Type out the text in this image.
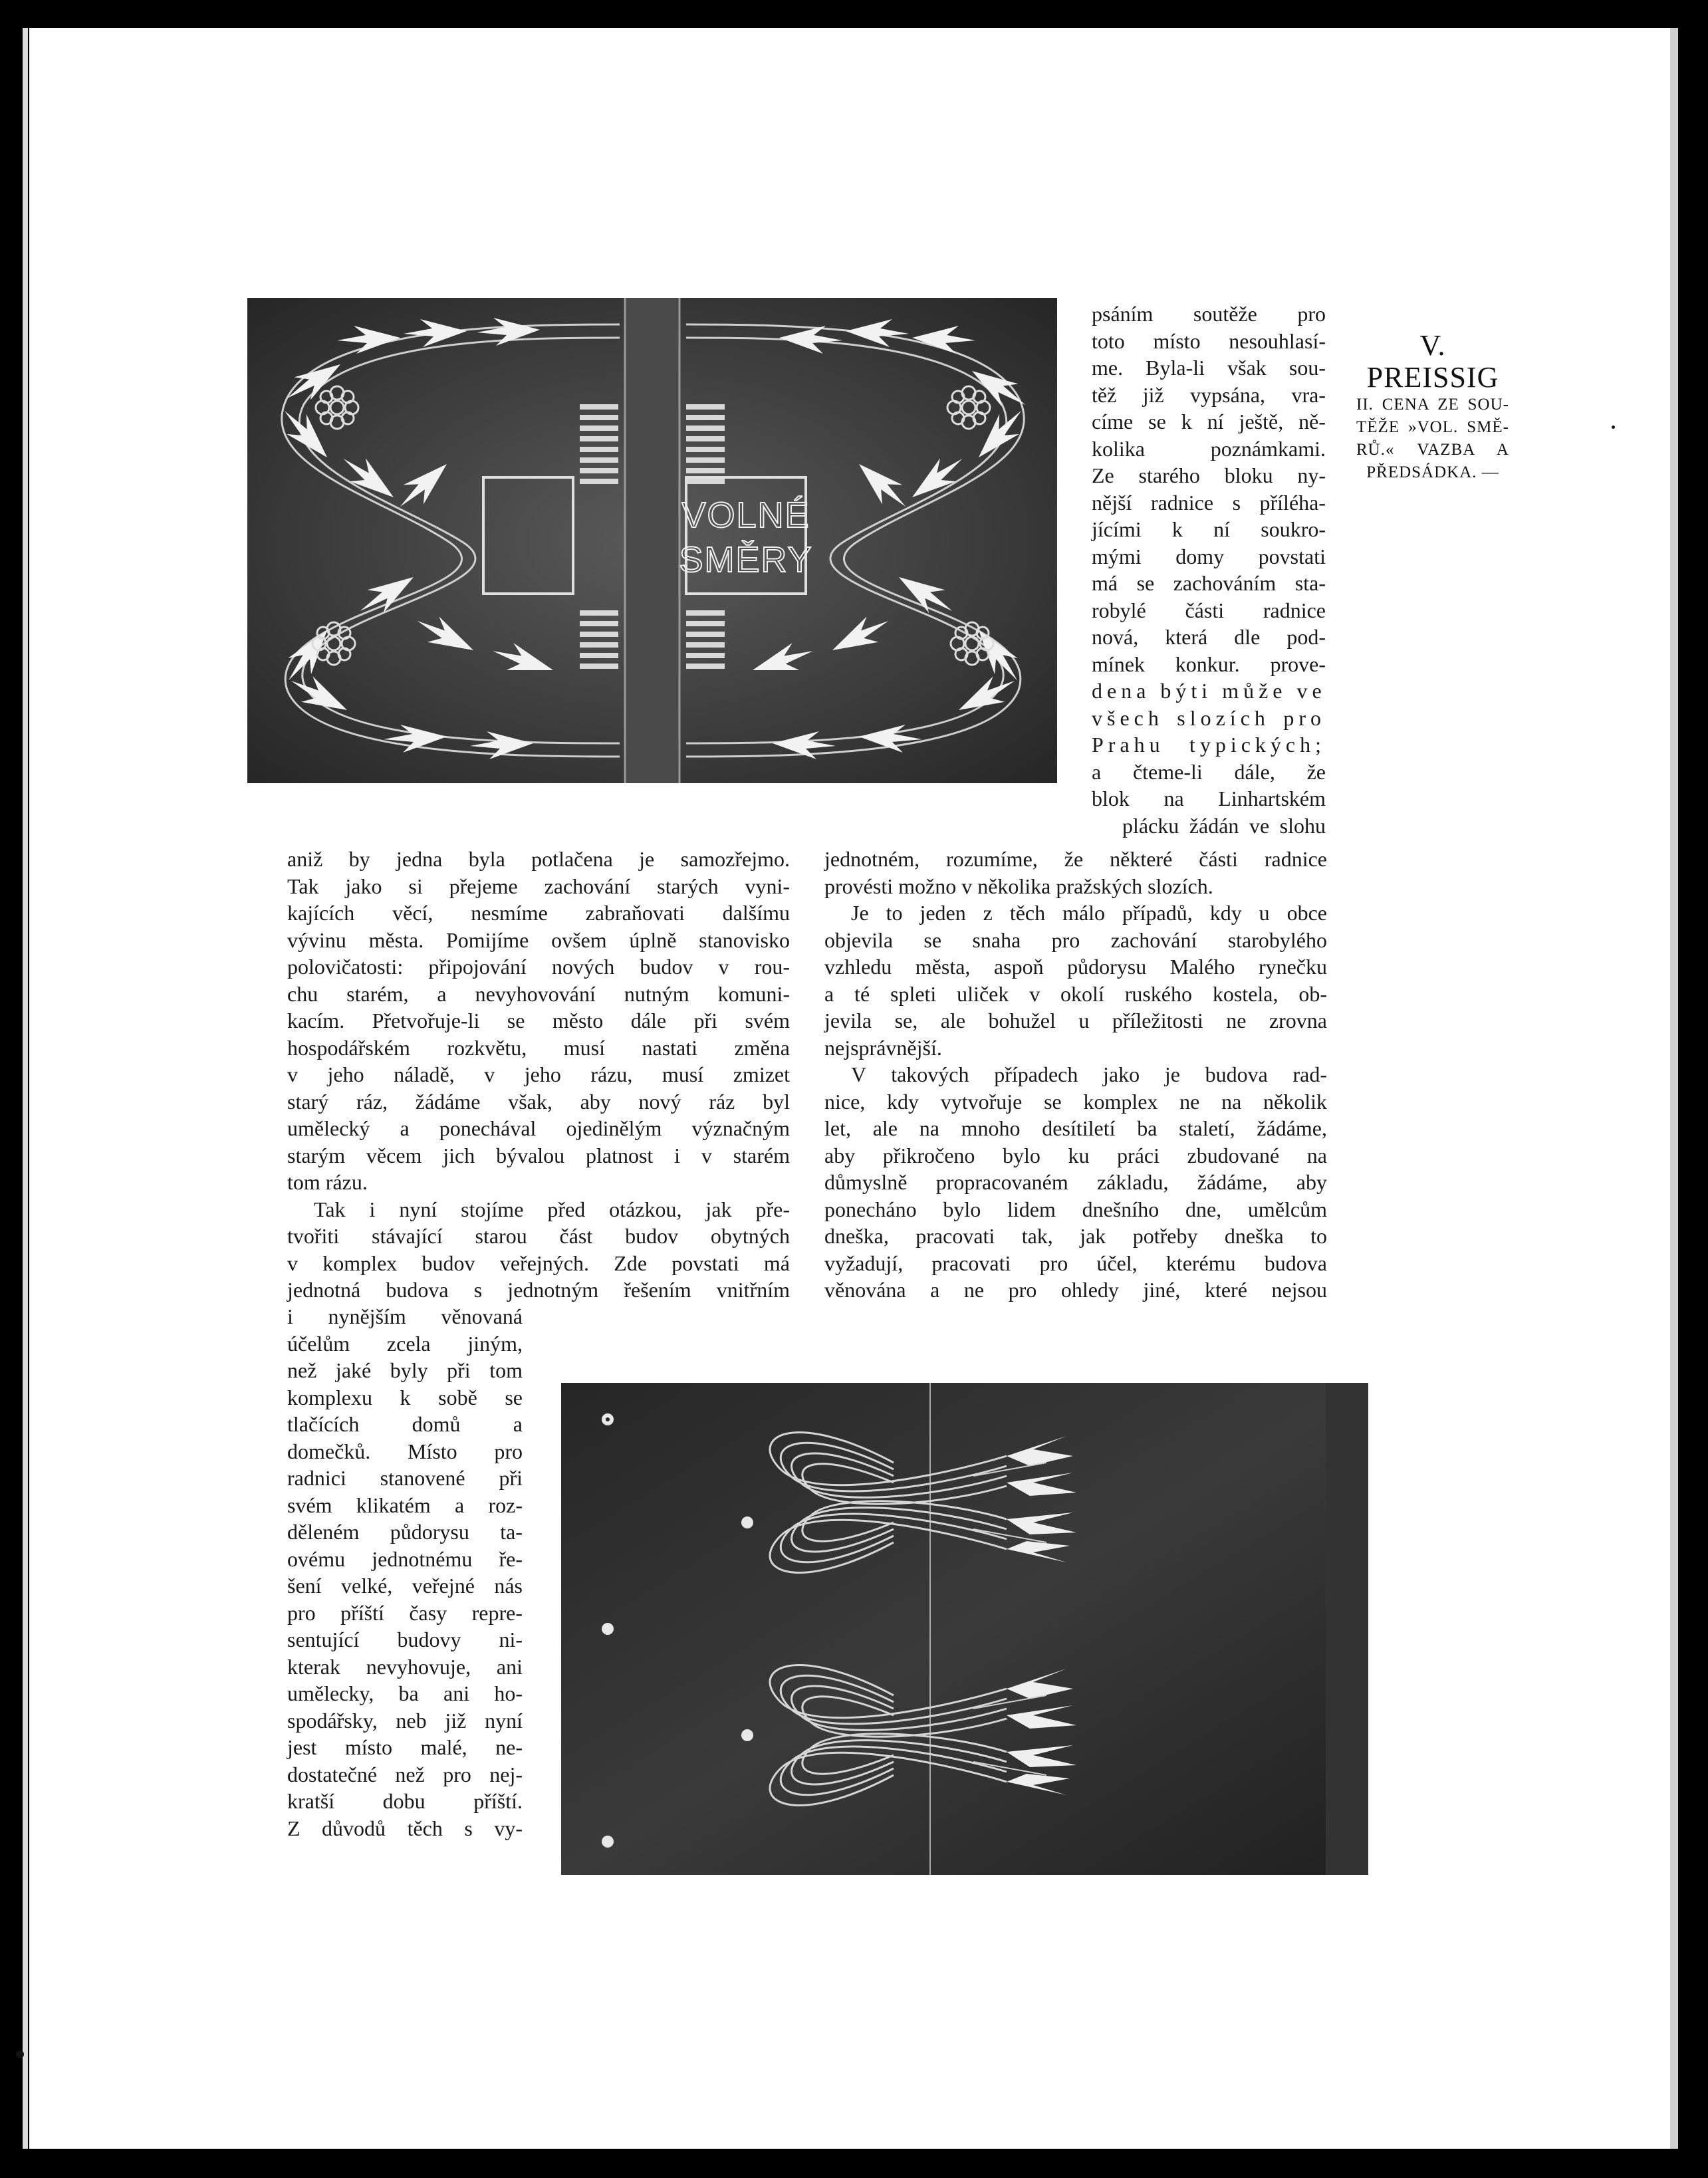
VOLNÉ
SMĚRY
V. PREISSIG
II. CENA ZE SOU-
TĚŽE »VOL. SMĚ-
RŮ.« VAZBA A
PŘEDSÁDKA. —
psáním soutěže pro
toto místo nesouhlasí-
me. Byla-li však sou-
těž již vypsána, vra-
címe se k ní ještě, ně-
kolika poznámkami.
Ze starého bloku ny-
nější radnice s příléha-
jícími k ní soukro-
mými domy povstati
má se zachováním sta-
robylé části radnice
nová, která dle pod-
mínek konkur. prove-
dena býti může ve
všech slozích pro
Prahu typických;
a čteme-li dále, že
blok na Linhartském
plácku žádán ve slohu
jednotném, rozumíme, že některé části radnice
provésti možno v několika pražských slozích.
Je to jeden z těch málo případů, kdy u obce
objevila se snaha pro zachování starobylého
vzhledu města, aspoň půdorysu Malého rynečku
a té spleti uliček v okolí ruského kostela, ob-
jevila se, ale bohužel u příležitosti ne zrovna
nejsprávnější.
V takových případech jako je budova rad-
nice, kdy vytvořuje se komplex ne na několik
let, ale na mnoho desítiletí ba staletí, žádáme,
aby přikročeno bylo ku práci zbudované na
důmyslně propracovaném základu, žádáme, aby
ponecháno bylo lidem dnešního dne, umělcům
dneška, pracovati tak, jak potřeby dneška to
vyžadují, pracovati pro účel, kterému budova
věnována a ne pro ohledy jiné, které nejsou
aniž by jedna byla potlačena je samozřejmo.
Tak jako si přejeme zachování starých vyni-
kajících věcí, nesmíme zabraňovati dalšímu
vývinu města. Pomijíme ovšem úplně stanovisko
polovičatosti: připojování nových budov v rou-
chu starém, a nevyhovování nutným komuni-
kacím. Přetvořuje-li se město dále při svém
hospodářském rozkvětu, musí nastati změna
v jeho náladě, v jeho rázu, musí zmizet
starý ráz, žádáme však, aby nový ráz byl
umělecký a ponechával ojedinělým význačným
starým věcem jich bývalou platnost i v starém
tom rázu.
Tak i nyní stojíme před otázkou, jak pře-
tvořiti stávající starou část budov obytných
v komplex budov veřejných. Zde povstati má
jednotná budova s jednotným řešením vnitřním
i nynějším věnovaná
účelům zcela jiným,
než jaké byly při tom
komplexu k sobě se
tlačících domů a
domečků. Místo pro
radnici stanovené při
svém klikatém a roz-
děleném půdorysu ta-
ovému jednotnému ře-
šení velké, veřejné nás
pro příští časy repre-
sentující budovy ni-
kterak nevyhovuje, ani
umělecky, ba ani ho-
spodářsky, neb již nyní
jest místo malé, ne-
dostatečné než pro nej-
kratší dobu příští.
Z důvodů těch s vy-
